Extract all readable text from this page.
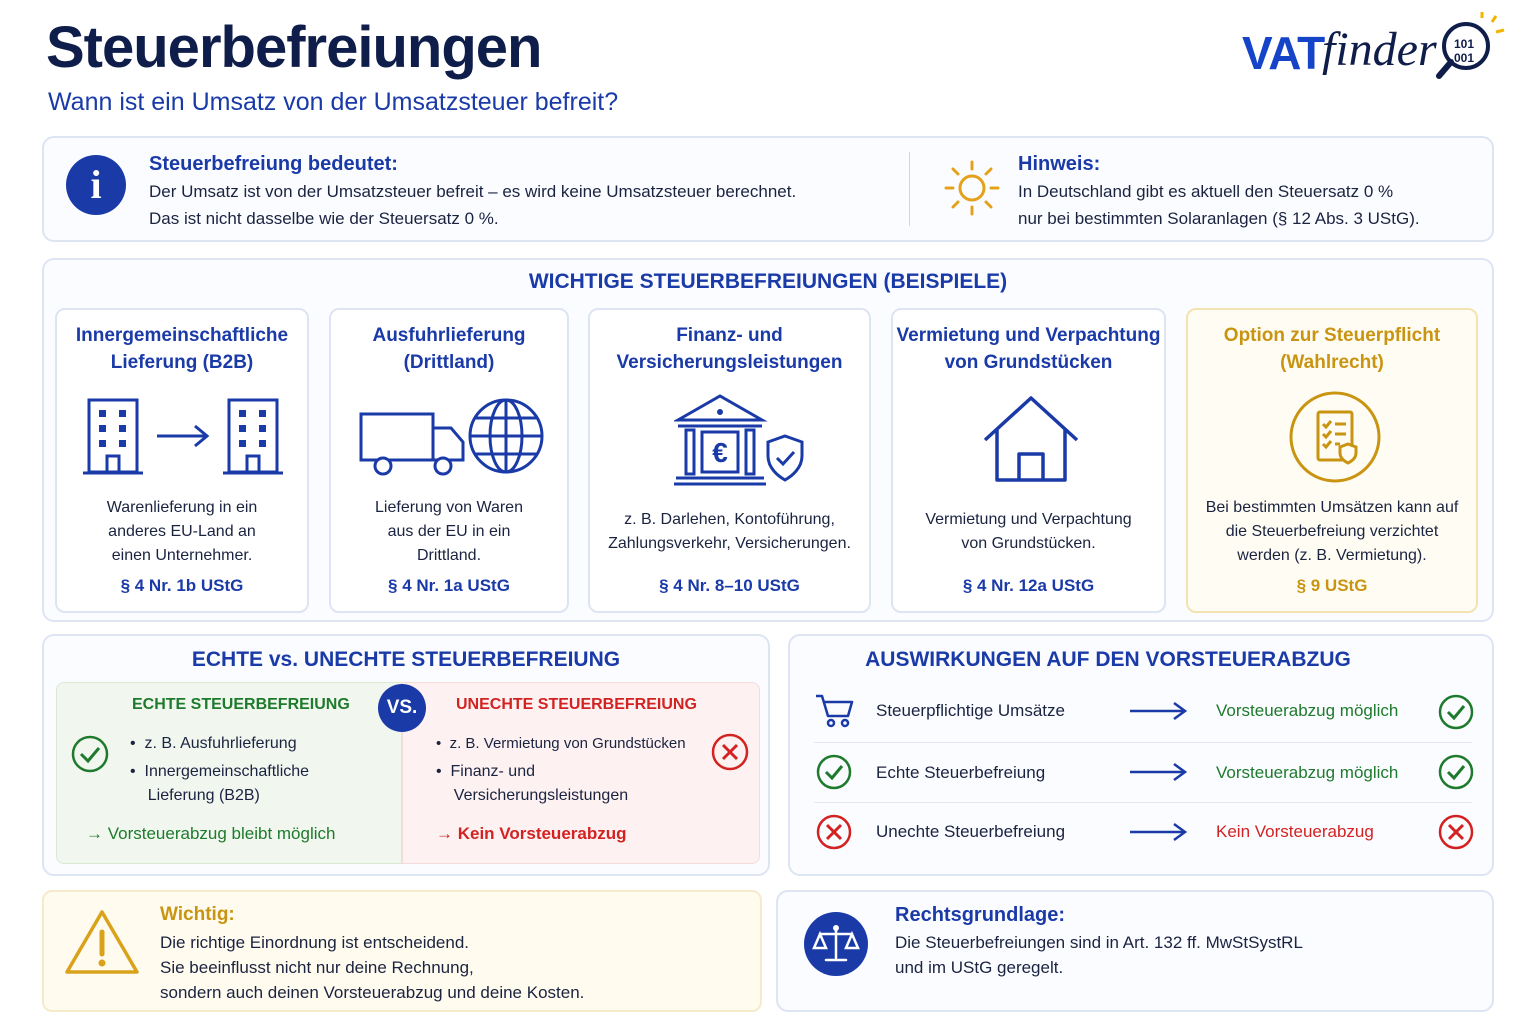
Steuerbefreiungen
Wann ist ein Umsatz von der Umsatzsteuer befreit?
VAT
finder 101
001
i	Steuerbefreiung bedeutet:
Der Umsatz ist von der Umsatzsteuer befreit – es wird keine Umsatzsteuer berechnet.
Das ist nicht dasselbe wie der Steuersatz 0 %.
Hinweis:
In Deutschland gibt es aktuell den Steuersatz 0 %
nur bei bestimmten Solaranlagen (§ 12 Abs. 3 UStG).
WICHTIGE STEUERBEFREIUNGEN (BEISPIELE)
Innergemeinschaftliche
Lieferung (B2B)
Warenlieferung in ein
anderes EU-Land an
einen Unternehmer.
§ 4 Nr. 1b UStG
Ausfuhrlieferung
(Drittland)
Lieferung von Waren
aus der EU in ein
Drittland.
§ 4 Nr. 1a UStG
Finanz- und
Versicherungsleistungen
€
z. B. Darlehen, Kontoführung,
Zahlungsverkehr, Versicherungen.
§ 4 Nr. 8–10 UStG
Vermietung und Verpachtung
von Grundstücken
Vermietung und Verpachtung
von Grundstücken.
§ 4 Nr. 12a UStG
Option zur Steuerpflicht
(Wahlrecht)
Bei bestimmten Umsätzen kann auf
die Steuerbefreiung verzichtet
werden (z. B. Vermietung).
§ 9 UStG
ECHTE vs. UNECHTE STEUERBEFREIUNG
VS.
ECHTE STEUERBEFREIUNG
•  z. B. Ausfuhrlieferung
•  Innergemeinschaftliche
Lieferung (B2B)
→ Vorsteuerabzug bleibt möglich
UNECHTE STEUERBEFREIUNG
•  z. B. Vermietung von Grundstücken
•  Finanz- und
Versicherungsleistungen
→ Kein Vorsteuerabzug
AUSWIRKUNGEN AUF DEN VORSTEUERABZUG
Steuerpflichtige Umsätze	Vorsteuerabzug möglich
Echte Steuerbefreiung	Vorsteuerabzug möglich
Unechte Steuerbefreiung	Kein Vorsteuerabzug
Wichtig:
Die richtige Einordnung ist entscheidend.
Sie beeinflusst nicht nur deine Rechnung,
sondern auch deinen Vorsteuerabzug und deine Kosten.
Rechtsgrundlage:
Die Steuerbefreiungen sind in Art. 132 ff. MwStSystRL
und im UStG geregelt.
